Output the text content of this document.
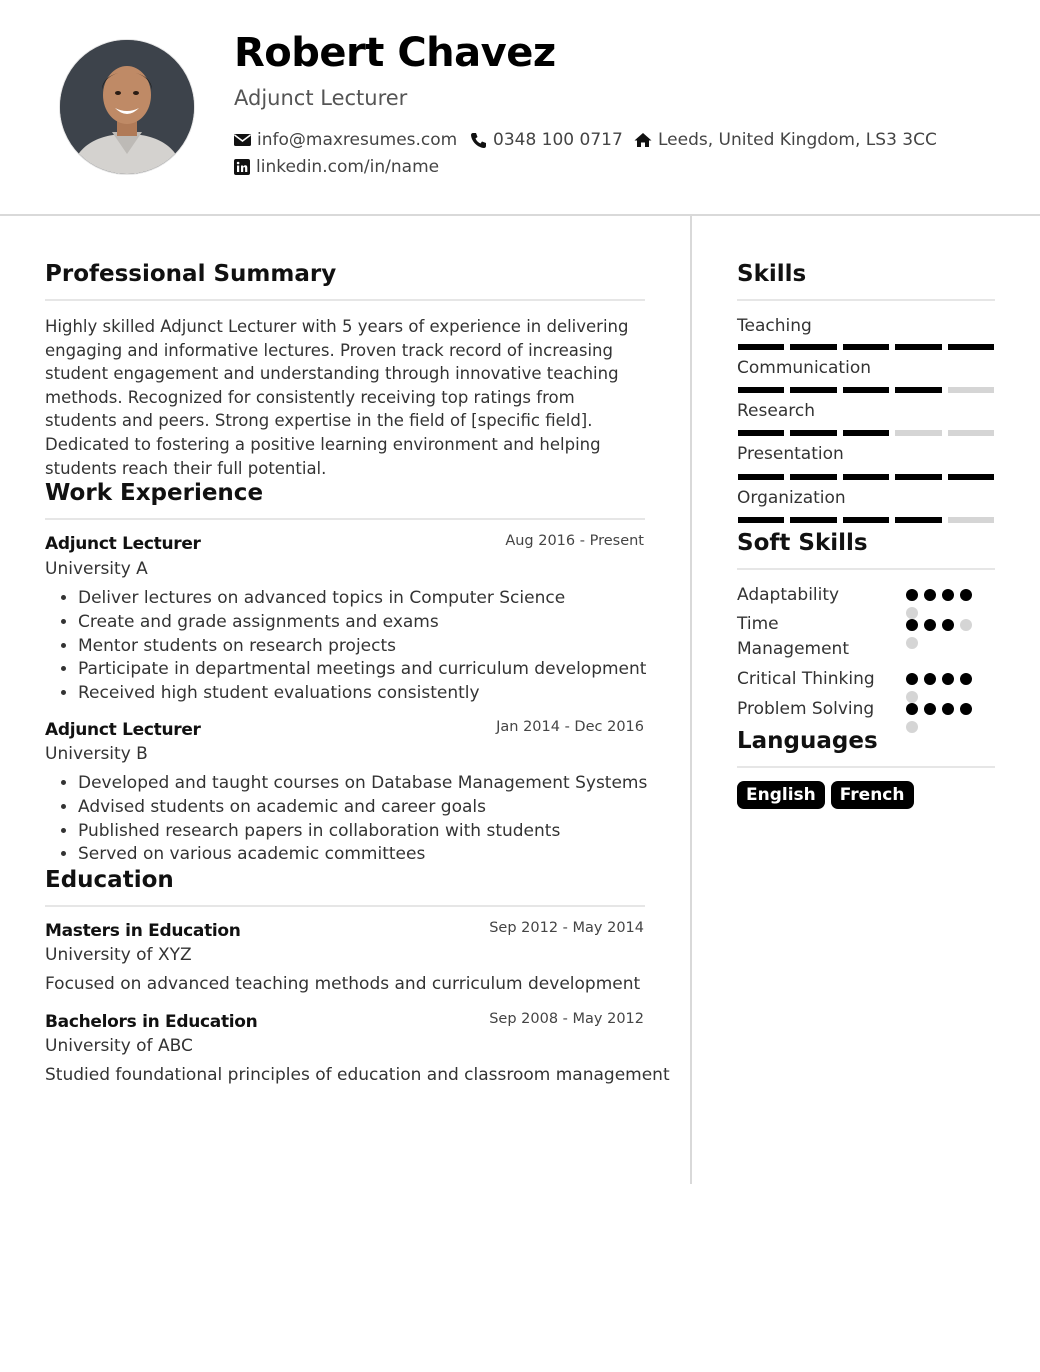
Robert Chavez
Adjunct Lecturer
info@maxresumes.com 0348 100 0717 Leeds, United Kingdom, LS3 3CC
linkedin.com/in/name
Professional Summary

Highly skilled Adjunct Lecturer with 5 years of experience in delivering engaging and informative lectures. Proven track record of increasing student engagement and understanding through innovative teaching methods. Recognized for consistently receiving top ratings from students and peers. Strong expertise in the field of [specific field]. Dedicated to fostering a positive learning environment and helping students reach their full potential.

Work Experience
Adjunct Lecturer	Aug 2016 - Present
University A
• Deliver lectures on advanced topics in Computer Science
• Create and grade assignments and exams
• Mentor students on research projects
• Participate in departmental meetings and curriculum development
• Received high student evaluations consistently
Adjunct Lecturer	Jan 2014 - Dec 2016
University B
• Developed and taught courses on Database Management Systems
• Advised students on academic and career goals
• Published research papers in collaboration with students
• Served on various academic committees
Education
Masters in Education	Sep 2012 - May 2014
University of XYZ
Focused on advanced teaching methods and curriculum development
Bachelors in Education	Sep 2008 - May 2012
University of ABC
Studied foundational principles of education and classroom management
Skills
Teaching
Communication
Research
Presentation
Organization
Soft Skills
Adaptability
Time Management
Critical Thinking
Problem Solving
Languages
English	French
